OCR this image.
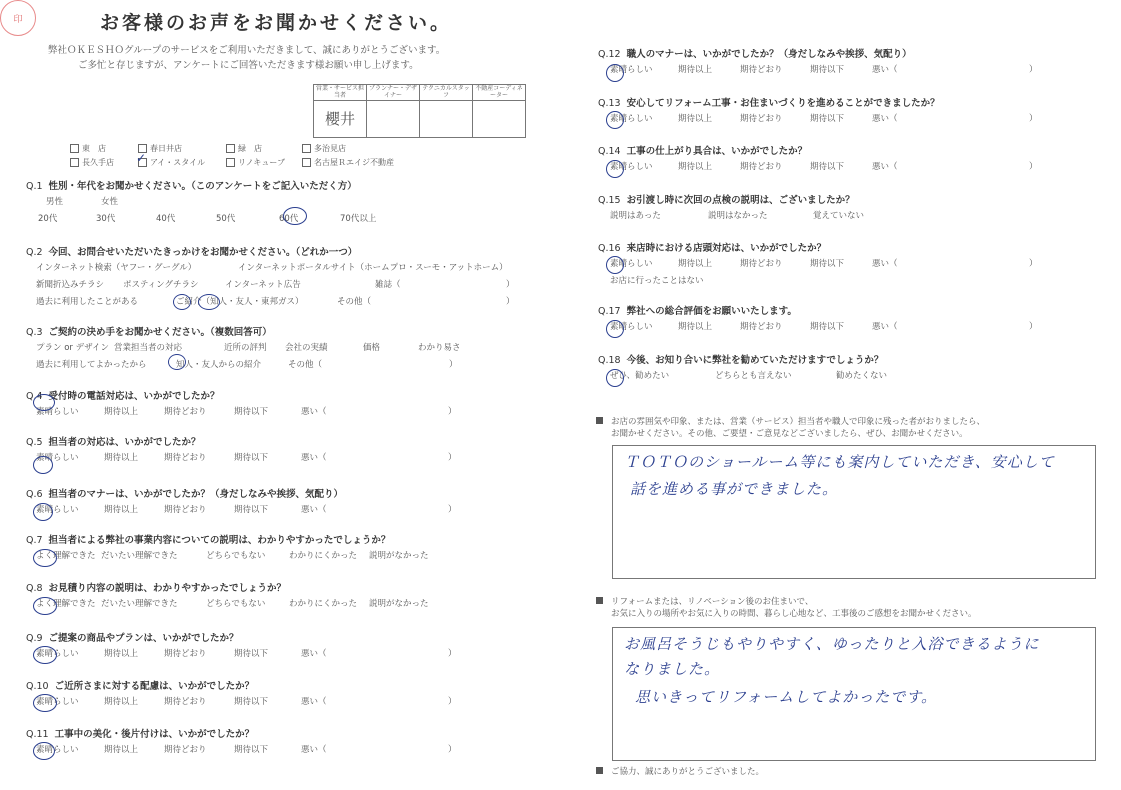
お客様のお声をお聞かせください。
弊社ＯＫＥＳＨＯグループのサービスをご利用いただきまして、誠にありがとうございます。
ご多忙と存じますが、アンケートにご回答いただきます様お願い申し上げます。
印
営業・サービス担当者	プランナー・デザイナー	テクニカルスタッフ	不動産コーディネーター
櫻井			
東　店	春日井店	緑　店	多治見店
長久手店	アイ・スタイル	リノキューブ	名古屋Ｒエイジ不動産
✓
Q.1 性別・年代をお聞かせください。（このアンケートをご記入いただく方）
男性	女性
20代	30代	40代	50代	60代	70代以上
Q.2 今回、お問合せいただいたきっかけをお聞かせください。（どれか一つ）
インターネット検索（ヤフー・グーグル）	インターネットポータルサイト（ホームプロ・スーモ・アットホーム）
新聞折込みチラシ ポスティングチラシ	インターネット広告	雑誌（	）
過去に利用したことがある	ご紹介（知人・友人・東邦ガス）	その他（	）
Q.3 ご契約の決め手をお聞かせください。（複数回答可）
プラン or デザイン 営業担当者の対応	近所の評判 会社の実績	価格	わかり易さ
過去に利用してよかったから	知人・友人からの紹介	その他（	）
Q.4 受付時の電話対応は、いかがでしたか？
素晴らしい	期待以上	期待どおり	期待以下	悪い（	）
Q.5 担当者の対応は、いかがでしたか？
素晴らしい	期待以上	期待どおり	期待以下	悪い（	）
Q.6 担当者のマナーは、いかがでしたか？（身だしなみや挨拶、気配り）
素晴らしい	期待以上	期待どおり	期待以下	悪い（	）
Q.7 担当者による弊社の事業内容についての説明は、わかりやすかったでしょうか？
よく理解できた だいたい理解できた	どちらでもない	わかりにくかった 説明がなかった
Q.8 お見積り内容の説明は、わかりやすかったでしょうか？
よく理解できた だいたい理解できた	どちらでもない	わかりにくかった 説明がなかった
Q.9 ご提案の商品やプランは、いかがでしたか？
素晴らしい	期待以上	期待どおり	期待以下	悪い（	）
Q.10 ご近所さまに対する配慮は、いかがでしたか？
素晴らしい	期待以上	期待どおり	期待以下	悪い（	）
Q.11 工事中の美化・後片付けは、いかがでしたか？
素晴らしい	期待以上	期待どおり	期待以下	悪い（	）
Q.12 職人のマナーは、いかがでしたか？（身だしなみや挨拶、気配り）
素晴らしい	期待以上	期待どおり	期待以下	悪い（	）
Q.13 安心してリフォーム工事・お住まいづくりを進めることができましたか？
素晴らしい	期待以上	期待どおり	期待以下	悪い（	）
Q.14 工事の仕上がり具合は、いかがでしたか？
素晴らしい	期待以上	期待どおり	期待以下	悪い（	）
Q.15 お引渡し時に次回の点検の説明は、ございましたか？
説明はあった	説明はなかった	覚えていない
Q.16 来店時における店頭対応は、いかがでしたか？
素晴らしい	期待以上	期待どおり	期待以下	悪い（	）
お店に行ったことはない
Q.17 弊社への総合評価をお願いいたします。
素晴らしい	期待以上	期待どおり	期待以下	悪い（	）
Q.18 今後、お知り合いに弊社を勧めていただけますでしょうか？
ぜひ、勧めたい	どちらとも言えない	勧めたくない
お店の雰囲気や印象、または、営業（サービス）担当者や職人で印象に残った者がおりましたら、
お聞かせください。その他、ご要望・ご意見などございましたら、ぜひ、お聞かせください。
ＴＯＴＯのショールーム等にも案内していただき、安心して
話を進める事ができました。
リフォームまたは、リノベーション後のお住まいで、
お気に入りの場所やお気に入りの時間、暮らし心地など、工事後のご感想をお聞かせください。
お風呂そうじもやりやすく、ゆったりと入浴できるように
なりました。
思いきってリフォームしてよかったです。
ご協力、誠にありがとうございました。
